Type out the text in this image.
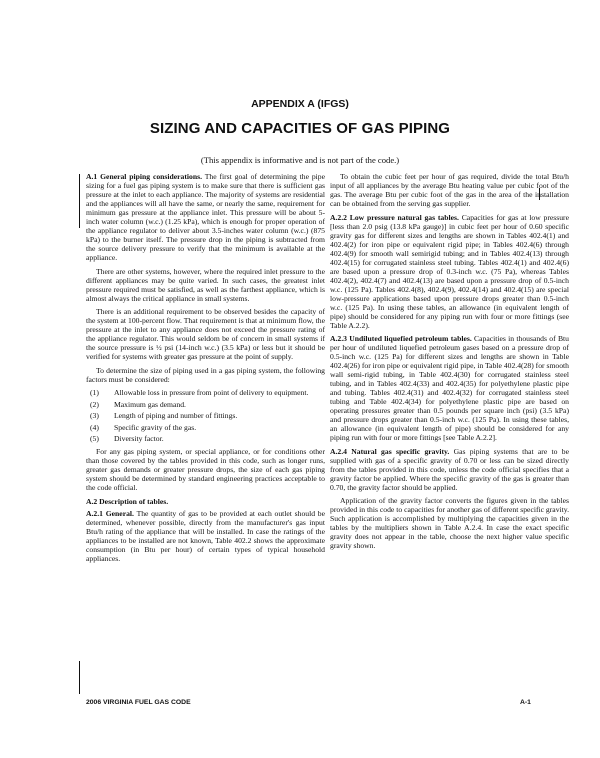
APPENDIX A (IFGS)
SIZING AND CAPACITIES OF GAS PIPING
(This appendix is informative and is not part of the code.)

A.1 General piping considerations. The first goal of determining the pipe sizing for a fuel gas piping system is to make sure that there is sufficient gas pressure at the inlet to each appliance. The majority of systems are residential and the appliances will all have the same, or nearly the same, requirement for minimum gas pressure at the appliance inlet. This pressure will be about 5-inch water column (w.c.) (1.25 kPa), which is enough for proper operation of the appliance regulator to deliver about 3.5-inches water column (w.c.) (875 kPa) to the burner itself. The pressure drop in the piping is subtracted from the source delivery pressure to verify that the minimum is available at the appliance.

There are other systems, however, where the required inlet pressure to the different appliances may be quite varied. In such cases, the greatest inlet pressure required must be satisfied, as well as the farthest appliance, which is almost always the critical appliance in small systems.

There is an additional requirement to be observed besides the capacity of the system at 100-percent flow. That requirement is that at minimum flow, the pressure at the inlet to any appliance does not exceed the pressure rating of the appliance regulator. This would seldom be of concern in small systems if the source pressure is ½ psi (14-inch w.c.) (3.5 kPa) or less but it should be verified for systems with greater gas pressure at the point of supply.

To determine the size of piping used in a gas piping system, the following factors must be considered:

(1)	Allowable loss in pressure from point of delivery to equipment.
(2)	Maximum gas demand.
(3)	Length of piping and number of fittings.
(4)	Specific gravity of the gas.
(5)	Diversity factor.

For any gas piping system, or special appliance, or for conditions other than those covered by the tables provided in this code, such as longer runs, greater gas demands or greater pressure drops, the size of each gas piping system should be determined by standard engineering practices acceptable to the code official.

A.2 Description of tables.

A.2.1 General. The quantity of gas to be provided at each outlet should be determined, whenever possible, directly from the manufacturer's gas input Btu/h rating of the appliance that will be installed. In case the ratings of the appliances to be installed are not known, Table 402.2 shows the approximate consumption (in Btu per hour) of certain types of typical household appliances.

To obtain the cubic feet per hour of gas required, divide the total Btu/h input of all appliances by the average Btu heating value per cubic foot of the gas. The average Btu per cubic foot of the gas in the area of the installation can be obtained from the serving gas supplier.

A.2.2 Low pressure natural gas tables. Capacities for gas at low pressure [less than 2.0 psig (13.8 kPa gauge)] in cubic feet per hour of 0.60 specific gravity gas for different sizes and lengths are shown in Tables 402.4(1) and 402.4(2) for iron pipe or equivalent rigid pipe; in Tables 402.4(6) through 402.4(9) for smooth wall semirigid tubing; and in Tables 402.4(13) through 402.4(15) for corrugated stainless steel tubing. Tables 402.4(1) and 402.4(6) are based upon a pressure drop of 0.3-inch w.c. (75 Pa), whereas Tables 402.4(2), 402.4(7) and 402.4(13) are based upon a pressure drop of 0.5-inch w.c. (125 Pa). Tables 402.4(8), 402.4(9), 402.4(14) and 402.4(15) are special low-pressure applications based upon pressure drops greater than 0.5-inch w.c. (125 Pa). In using these tables, an allowance (in equivalent length of pipe) should be considered for any piping run with four or more fittings (see Table A.2.2).

A.2.3 Undiluted liquefied petroleum tables. Capacities in thousands of Btu per hour of undiluted liquefied petroleum gases based on a pressure drop of 0.5-inch w.c. (125 Pa) for different sizes and lengths are shown in Table 402.4(26) for iron pipe or equivalent rigid pipe, in Table 402.4(28) for smooth wall semi-rigid tubing, in Table 402.4(30) for corrugated stainless steel tubing, and in Tables 402.4(33) and 402.4(35) for polyethylene plastic pipe and tubing. Tables 402.4(31) and 402.4(32) for corrugated stainless steel tubing and Table 402.4(34) for polyethylene plastic pipe are based on operating pressures greater than 0.5 pounds per square inch (psi) (3.5 kPa) and pressure drops greater than 0.5-inch w.c. (125 Pa). In using these tables, an allowance (in equivalent length of pipe) should be considered for any piping run with four or more fittings [see Table A.2.2].

A.2.4 Natural gas specific gravity. Gas piping systems that are to be supplied with gas of a specific gravity of 0.70 or less can be sized directly from the tables provided in this code, unless the code official specifies that a gravity factor be applied. Where the specific gravity of the gas is greater than 0.70, the gravity factor should be applied.

Application of the gravity factor converts the figures given in the tables provided in this code to capacities for another gas of different specific gravity. Such application is accomplished by multiplying the capacities given in the tables by the multipliers shown in Table A.2.4. In case the exact specific gravity does not appear in the table, choose the next higher value specific gravity shown.

2006 VIRGINIA FUEL GAS CODE	A-1
